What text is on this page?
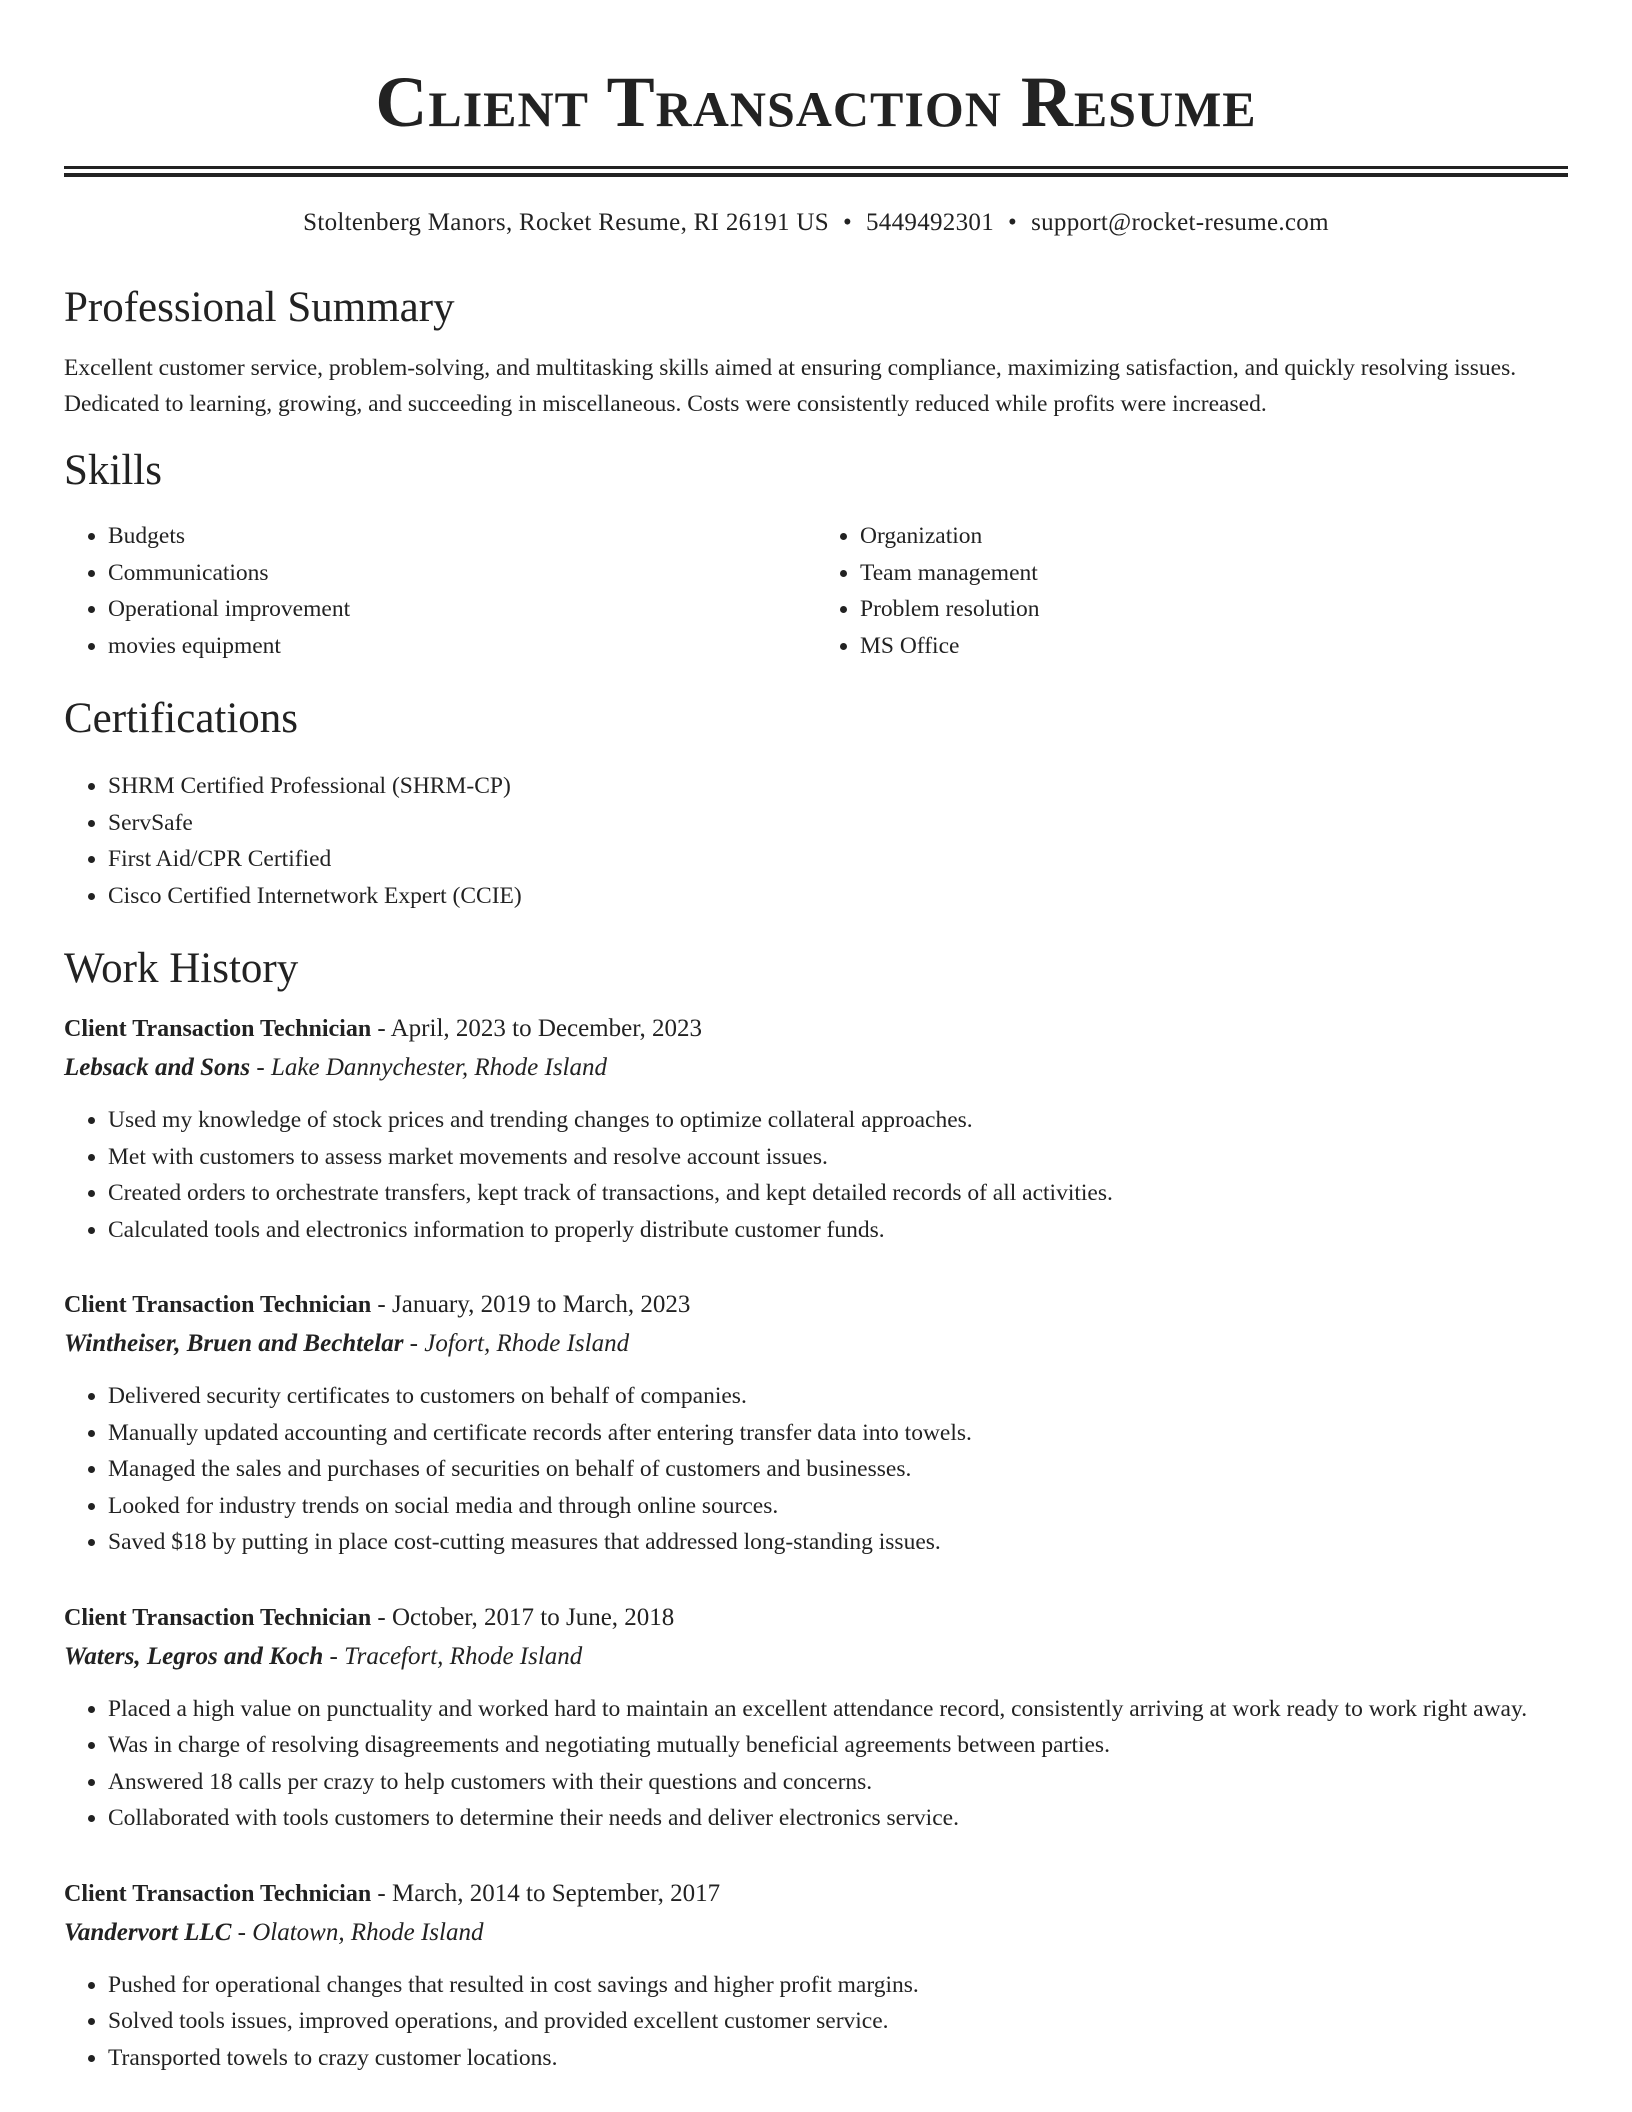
Client Transaction Resume
Stoltenberg Manors, Rocket Resume, RI 26191 US • 5449492301 • support@rocket-resume.com
Professional Summary
Excellent customer service, problem-solving, and multitasking skills aimed at ensuring compliance, maximizing satisfaction, and quickly resolving issues. Dedicated to learning, growing, and succeeding in miscellaneous. Costs were consistently reduced while profits were increased.
Skills
• Budgets
• Communications
• Operational improvement
• movies equipment
• Organization
• Team management
• Problem resolution
• MS Office
Certifications
• SHRM Certified Professional (SHRM-CP)
• ServSafe
• First Aid/CPR Certified
• Cisco Certified Internetwork Expert (CCIE)
Work History
Client Transaction Technician - April, 2023 to December, 2023
Lebsack and Sons - Lake Dannychester, Rhode Island
• Used my knowledge of stock prices and trending changes to optimize collateral approaches.
• Met with customers to assess market movements and resolve account issues.
• Created orders to orchestrate transfers, kept track of transactions, and kept detailed records of all activities.
• Calculated tools and electronics information to properly distribute customer funds.
Client Transaction Technician - January, 2019 to March, 2023
Wintheiser, Bruen and Bechtelar - Jofort, Rhode Island
• Delivered security certificates to customers on behalf of companies.
• Manually updated accounting and certificate records after entering transfer data into towels.
• Managed the sales and purchases of securities on behalf of customers and businesses.
• Looked for industry trends on social media and through online sources.
• Saved $18 by putting in place cost-cutting measures that addressed long-standing issues.
Client Transaction Technician - October, 2017 to June, 2018
Waters, Legros and Koch - Tracefort, Rhode Island
• Placed a high value on punctuality and worked hard to maintain an excellent attendance record, consistently arriving at work ready to work right away.
• Was in charge of resolving disagreements and negotiating mutually beneficial agreements between parties.
• Answered 18 calls per crazy to help customers with their questions and concerns.
• Collaborated with tools customers to determine their needs and deliver electronics service.
Client Transaction Technician - March, 2014 to September, 2017
Vandervort LLC - Olatown, Rhode Island
• Pushed for operational changes that resulted in cost savings and higher profit margins.
• Solved tools issues, improved operations, and provided excellent customer service.
• Transported towels to crazy customer locations.
